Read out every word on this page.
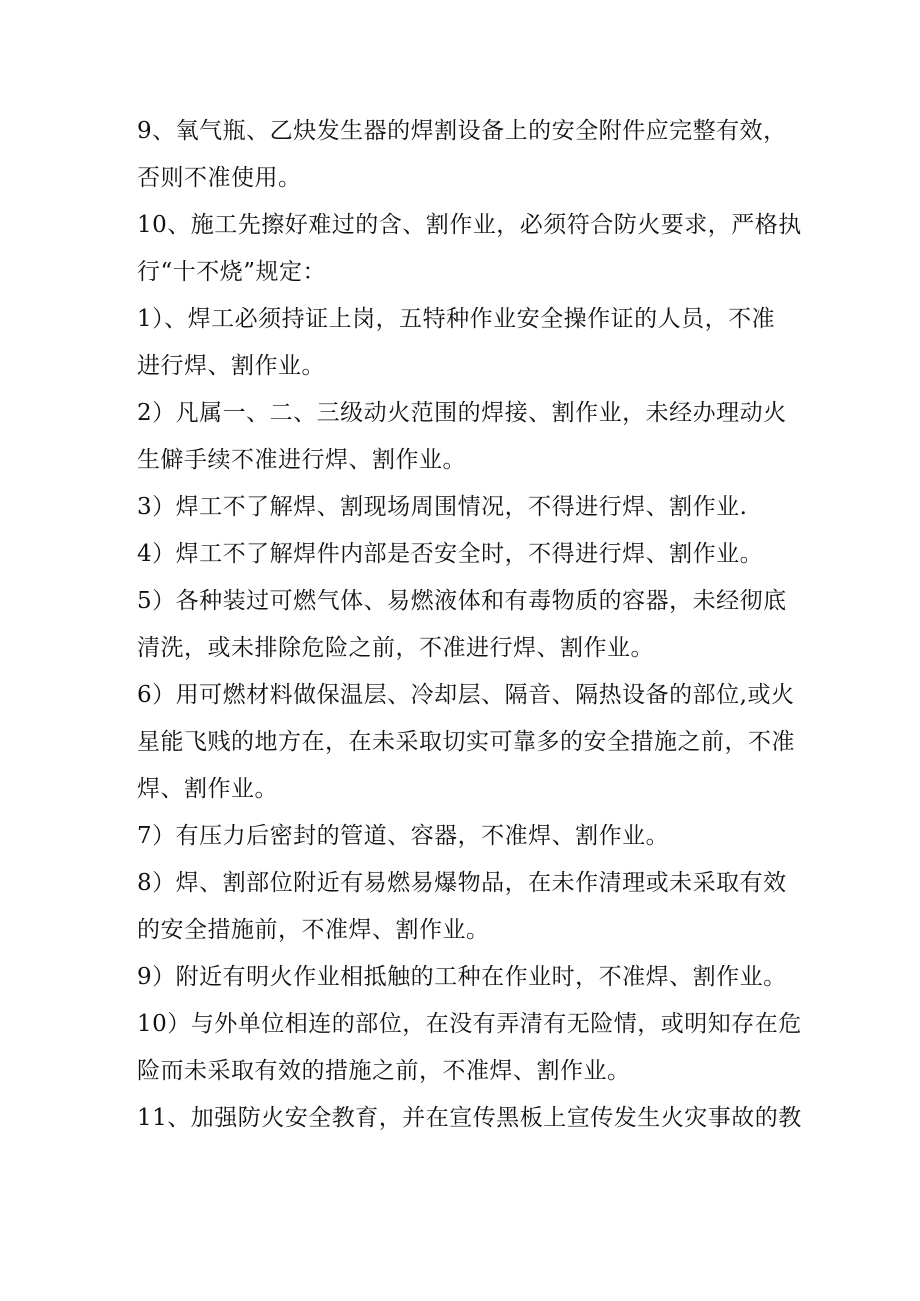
9、氧气瓶、乙炔发生器的焊割设备上的安全附件应完整有效，
否则不准使用。

10、施工先擦好难过的含、割作业，必须符合防火要求，严格执
行“十不烧”规定：

1）、焊工必须持证上岗，五特种作业安全操作证的人员，不准
进行焊、割作业。

2）凡属一、二、三级动火范围的焊接、割作业，未经办理动火
生僻手续不准进行焊、割作业。

3）焊工不了解焊、割现场周围情况，不得进行焊、割作业.

4）焊工不了解焊件内部是否安全时，不得进行焊、割作业。

5）各种装过可燃气体、易燃液体和有毒物质的容器，未经彻底
清洗，或未排除危险之前，不准进行焊、割作业。

6）用可燃材料做保温层、冷却层、隔音、隔热设备的部位,或火
星能飞贱的地方在，在未采取切实可靠多的安全措施之前，不准
焊、割作业。

7）有压力后密封的管道、容器，不准焊、割作业。

8）焊、割部位附近有易燃易爆物品，在未作清理或未采取有效
的安全措施前，不准焊、割作业。

9）附近有明火作业相抵触的工种在作业时，不准焊、割作业。

10）与外单位相连的部位，在没有弄清有无险情，或明知存在危
险而未采取有效的措施之前，不准焊、割作业。

11、加强防火安全教育，并在宣传黑板上宣传发生火灾事故的教
